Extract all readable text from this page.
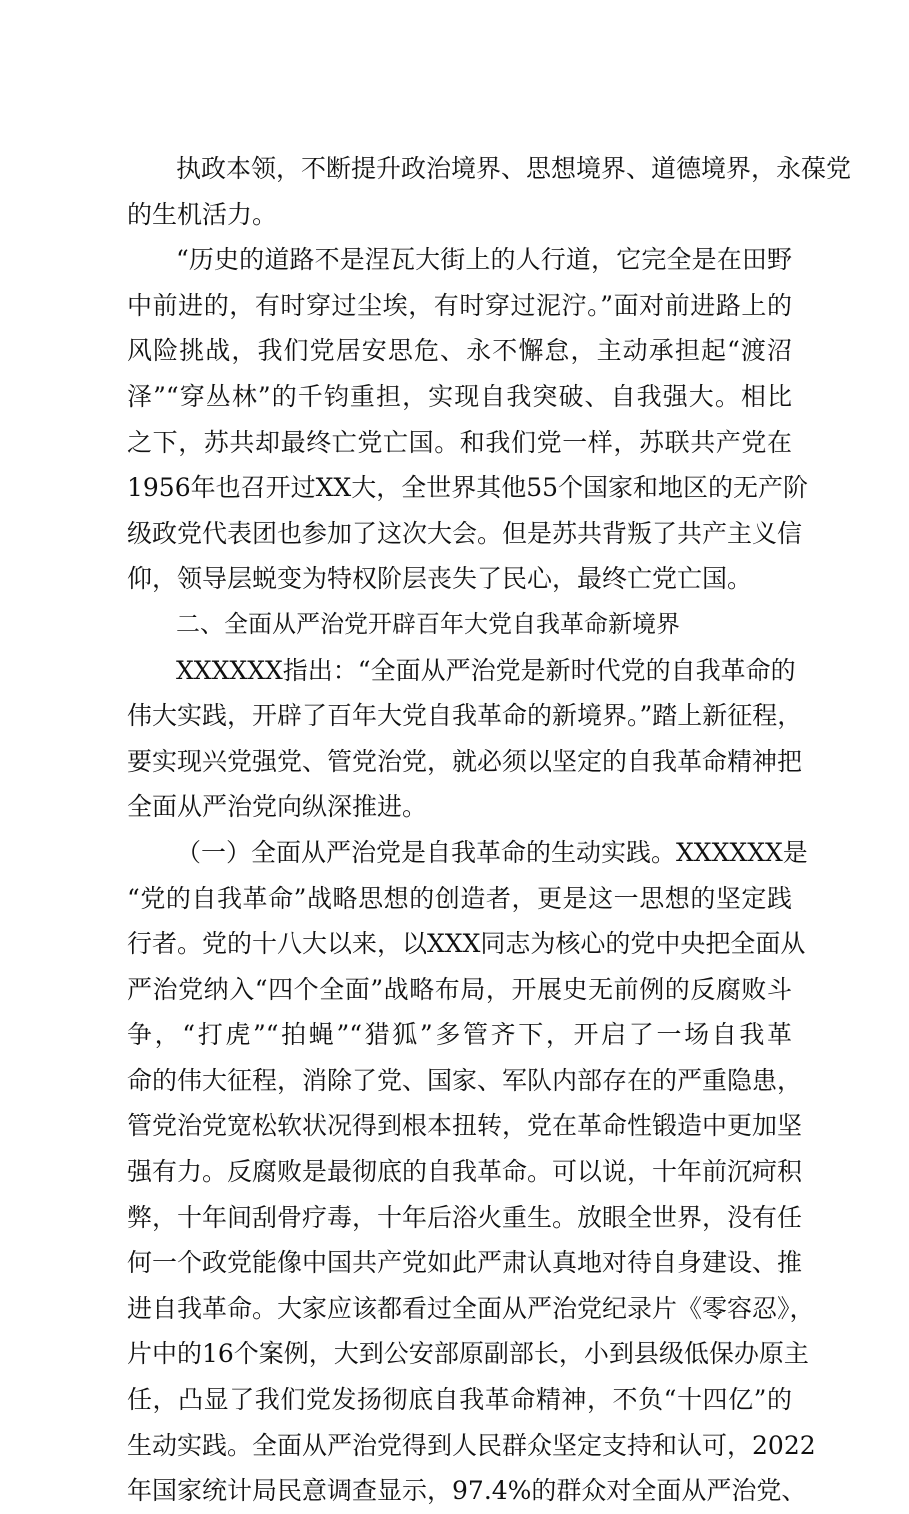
执政本领，不断提升政治境界、思想境界、道德境界，永葆党
的生机活力。
“历史的道路不是涅瓦大街上的人行道，它完全是在田野
中前进的，有时穿过尘埃，有时穿过泥泞。”面对前进路上的
风险挑战，我们党居安思危、永不懈怠，主动承担起“渡沼
泽”“穿丛林”的千钧重担，实现自我突破、自我强大。相比
之下，苏共却最终亡党亡国。和我们党一样，苏联共产党在
1956年也召开过XX大，全世界其他55个国家和地区的无产阶
级政党代表团也参加了这次大会。但是苏共背叛了共产主义信
仰，领导层蜕变为特权阶层丧失了民心，最终亡党亡国。
二、全面从严治党开辟百年大党自我革命新境界
XXXXXX指出：“全面从严治党是新时代党的自我革命的
伟大实践，开辟了百年大党自我革命的新境界。”踏上新征程，
要实现兴党强党、管党治党，就必须以坚定的自我革命精神把
全面从严治党向纵深推进。
（一）全面从严治党是自我革命的生动实践。XXXXXX是
“党的自我革命”战略思想的创造者，更是这一思想的坚定践
行者。党的十八大以来，以XXX同志为核心的党中央把全面从
严治党纳入“四个全面”战略布局，开展史无前例的反腐败斗
争，“打虎”“拍蝇”“猎狐”多管齐下，开启了一场自我革
命的伟大征程，消除了党、国家、军队内部存在的严重隐患，
管党治党宽松软状况得到根本扭转，党在革命性锻造中更加坚
强有力。反腐败是最彻底的自我革命。可以说，十年前沉疴积
弊，十年间刮骨疗毒，十年后浴火重生。放眼全世界，没有任
何一个政党能像中国共产党如此严肃认真地对待自身建设、推
进自我革命。大家应该都看过全面从严治党纪录片《零容忍》，
片中的16个案例，大到公安部原副部长，小到县级低保办原主
任，凸显了我们党发扬彻底自我革命精神，不负“十四亿”的
生动实践。全面从严治党得到人民群众坚定支持和认可，2022
年国家统计局民意调查显示，97.4%的群众对全面从严治党、
